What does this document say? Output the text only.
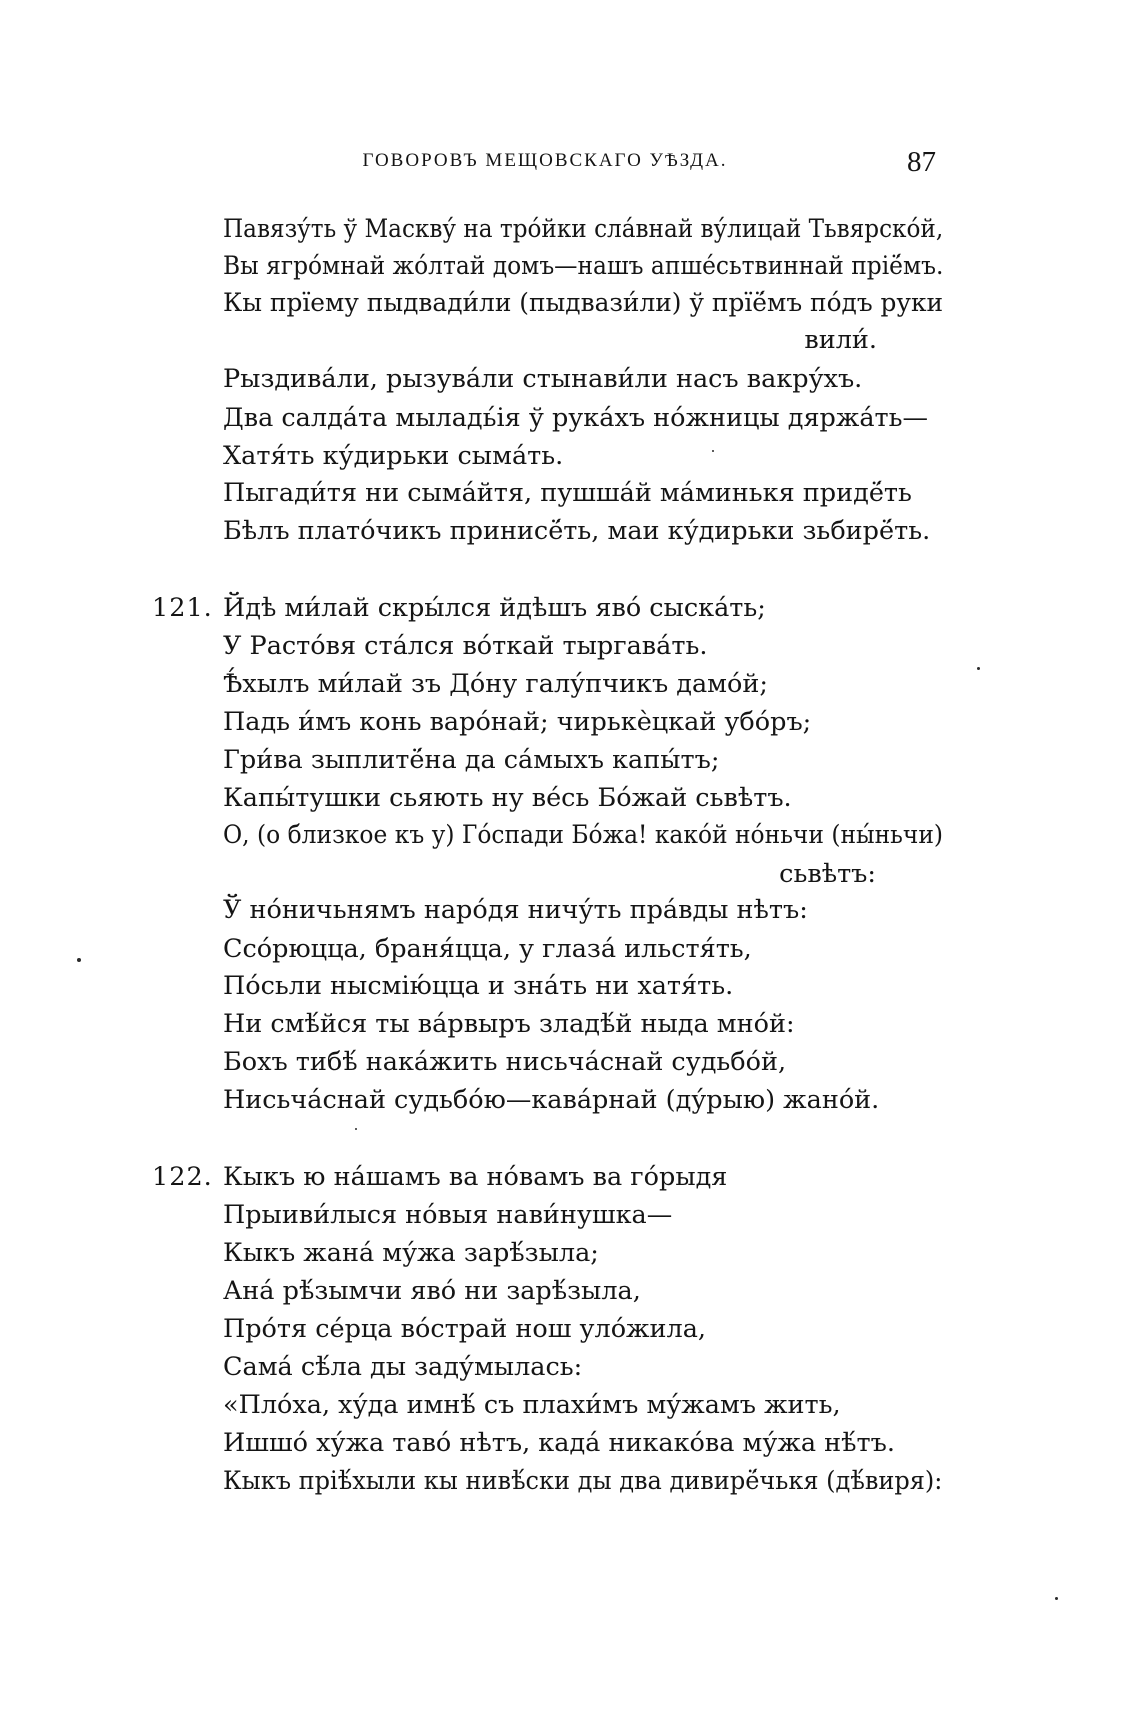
ГОВОРОВЪ МЕЩОВСКАГО УѢЗДА.	87
Павязу́ть ў Маскву́ на тро́йки сла́внай ву́лицай Тьвярско́й,
Вы ягро́мнай жо́лтай домъ—нашъ апше́сьтвиннай прiё́мъ.
Кы прïему пыдвади́ли (пыдвази́ли) ў прïё́мъ по́дъ руки
вили́.
Рыздива́ли, рызува́ли стынави́ли насъ вакру́хъ.
Два салда́та мыладь́ія ў рука́хъ но́жницы дяржа́ть—
Хатя́ть ку́дирьки сыма́ть.
Пыгади́тя ни сыма́йтя, пушша́й ма́минькя придё́ть
Бѣлъ плато́чикъ принисё́ть, маи ку́дирьки зьбирё́ть.
121. Йдѣ ми́лай скры́лся йдѣшъ яво́ сыска́ть;
У Расто́вя ста́лся во́ткай тыргава́ть.
Ѣ́хылъ ми́лай зъ До́ну галу́пчикъ дамо́й;
Падь и́мъ конь варо́най; чирькѐцкай убо́ръ;
Гри́ва зыплитё́на да са́мыхъ капы́тъ;
Капы́тушки сьяють ну ве́сь Бо́жай сьвѣтъ.
О, (о близкое къ у) Го́спади Бо́жа! како́й но́ньчи (ны́ньчи)
сьвѣтъ:
Ў но́ничьнямъ наро́дя ничу́ть пра́вды нѣтъ:
Ссо́рюцца, браня́цца, у глаза́ ильстя́ть,
По́сьли нысмiю́цца и зна́ть ни хатя́ть.
Ни смѣ́йся ты ва́рвыръ зладѣ́й ныда мно́й:
Бохъ тибѣ́ нака́жить нисьча́снай судьбо́й,
Нисьча́снай судьбо́ю—кава́рнай (ду́рыю) жано́й.
122. Кыкъ ю на́шамъ ва но́вамъ ва го́рыдя
Прыиви́лыся но́выя нави́нушка—
Кыкъ жана́ му́жа зарѣ́зыла;
Ана́ рѣ́зымчи яво́ ни зарѣ́зыла,
Про́тя се́рца во́страй нош уло́жила,
Сама́ сѣ́ла ды заду́мылась:
«Пло́ха, ху́да имнѣ́ съ плахи́мъ му́жамъ жить,
Ишшо́ ху́жа таво́ нѣтъ, када́ никако́ва му́жа нѣ́тъ.
Кыкъ прiѣ́хыли кы нивѣ́ски ды два дивирё́чькя (дѣ́виря):
